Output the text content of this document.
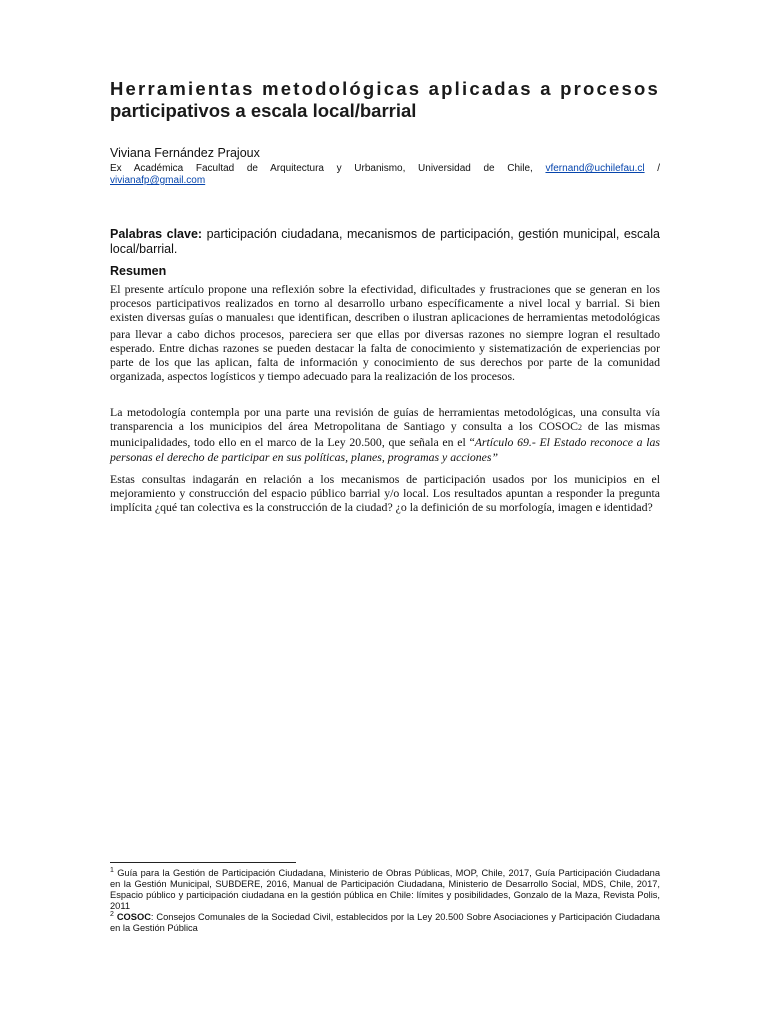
Herramientas metodológicas aplicadas a procesos
participativos a escala local/barrial
Viviana Fernández Prajoux
Ex Académica Facultad de Arquitectura y Urbanismo, Universidad de Chile, vfernand@uchilefau.cl /
vivianafp@gmail.com
Palabras clave: participación ciudadana, mecanismos de participación, gestión municipal, escala local/barrial.
Resumen
El presente artículo propone una reflexión sobre la efectividad, dificultades y frustraciones que se generan en los procesos participativos realizados en torno al desarrollo urbano específicamente a nivel local y barrial. Si bien existen diversas guías o manuales1 que identifican, describen o ilustran aplicaciones de herramientas metodológicas para llevar a cabo dichos procesos, pareciera ser que ellas por diversas razones no siempre logran el resultado esperado. Entre dichas razones se pueden destacar la falta de conocimiento y sistematización de experiencias por parte de los que las aplican, falta de información y conocimiento de sus derechos por parte de la comunidad organizada, aspectos logísticos y tiempo adecuado para la realización de los procesos.
La metodología contempla por una parte una revisión de guías de herramientas metodológicas, una consulta vía transparencia a los municipios del área Metropolitana de Santiago y consulta a los COSOC2 de las mismas municipalidades, todo ello en el marco de la Ley 20.500, que señala en el “Artículo 69.- El Estado reconoce a las personas el derecho de participar en sus políticas, planes, programas y acciones”
Estas consultas indagarán en relación a los mecanismos de participación usados por los municipios en el mejoramiento y construcción del espacio público barrial y/o local. Los resultados apuntan a responder la pregunta implícita ¿qué tan colectiva es la construcción de la ciudad? ¿o la definición de su morfología, imagen e identidad?
$^1$ Guía para la Gestión de Participación Ciudadana, Ministerio de Obras Públicas, MOP, Chile, 2017, Guía Participación Ciudadana en la Gestión Municipal, SUBDERE, 2016, Manual de Participación Ciudadana, Ministerio de Desarrollo Social, MDS, Chile, 2017, Espacio público y participación ciudadana en la gestión pública en Chile: límites y posibilidades, Gonzalo de la Maza, Revista Polis, 2011
$^2$ COSOC: Consejos Comunales de la Sociedad Civil, establecidos por la Ley 20.500 Sobre Asociaciones y Participación Ciudadana en la Gestión Pública
